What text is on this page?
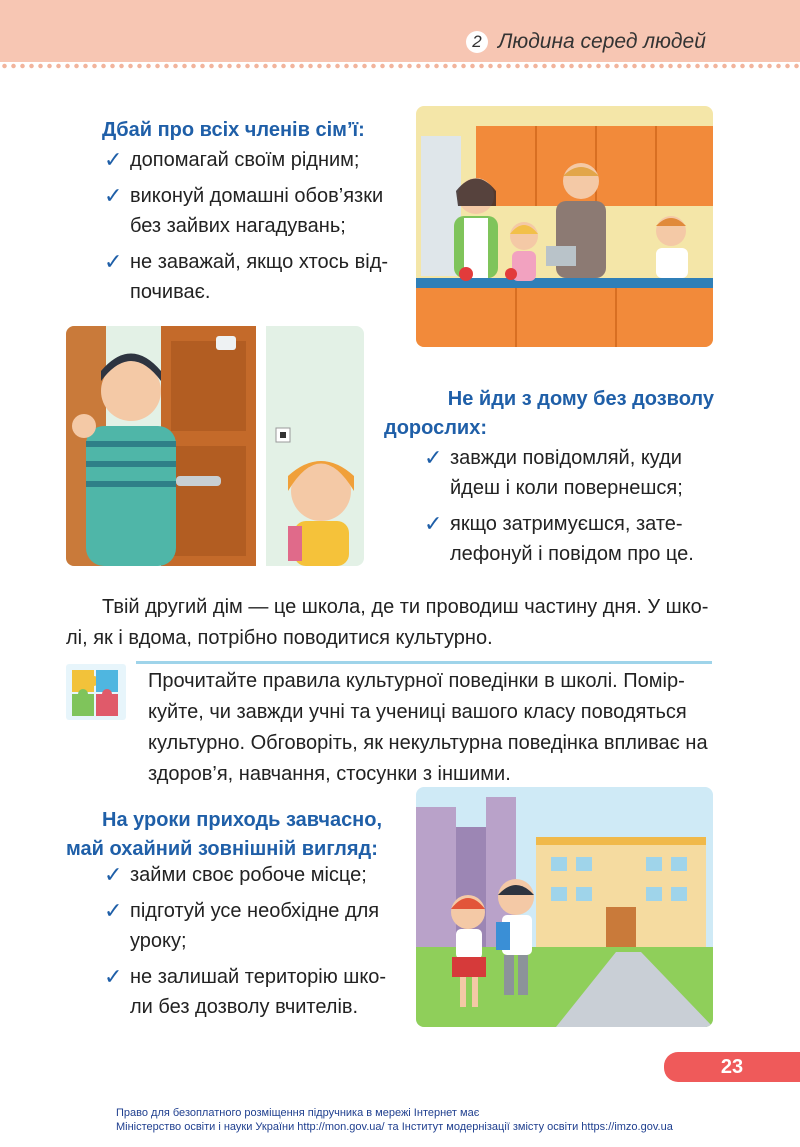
2 Людина серед людей
Дбай про всіх членів сім’ї:
✓ допомагай своїм рідним;
✓ виконуй домашні обов’язки
без зайвих нагадувань;
✓ не заважай, якщо хтось від-
почиває.
Не йди з дому без дозволу
дорослих:
✓ завжди повідомляй, куди
йдеш і коли повернешся;
✓ якщо затримуєшся, зате-
лефонуй і повідом про це.
Твій другий дім — це школа, де ти проводиш частину дня. У шко-
лі, як і вдома, потрібно поводитися культурно.
Прочитайте правила культурної поведінки в школі. Помір-
куйте, чи завжди учні та учениці вашого класу поводяться
культурно. Обговоріть, як некультурна поведінка впливає на
здоров’я, навчання, стосунки з іншими.
На уроки приходь завчасно,
май охайний зовнішній вигляд:
✓ займи своє робоче місце;
✓ підготуй усе необхідне для
уроку;
✓ не залишай територію шко-
ли без дозволу вчителів.
23
Право для безоплатного розміщення підручника в мережі Інтернет має
Міністерство освіти і науки України http://mon.gov.ua/ та Інститут модернізації змісту освіти https://imzo.gov.ua
